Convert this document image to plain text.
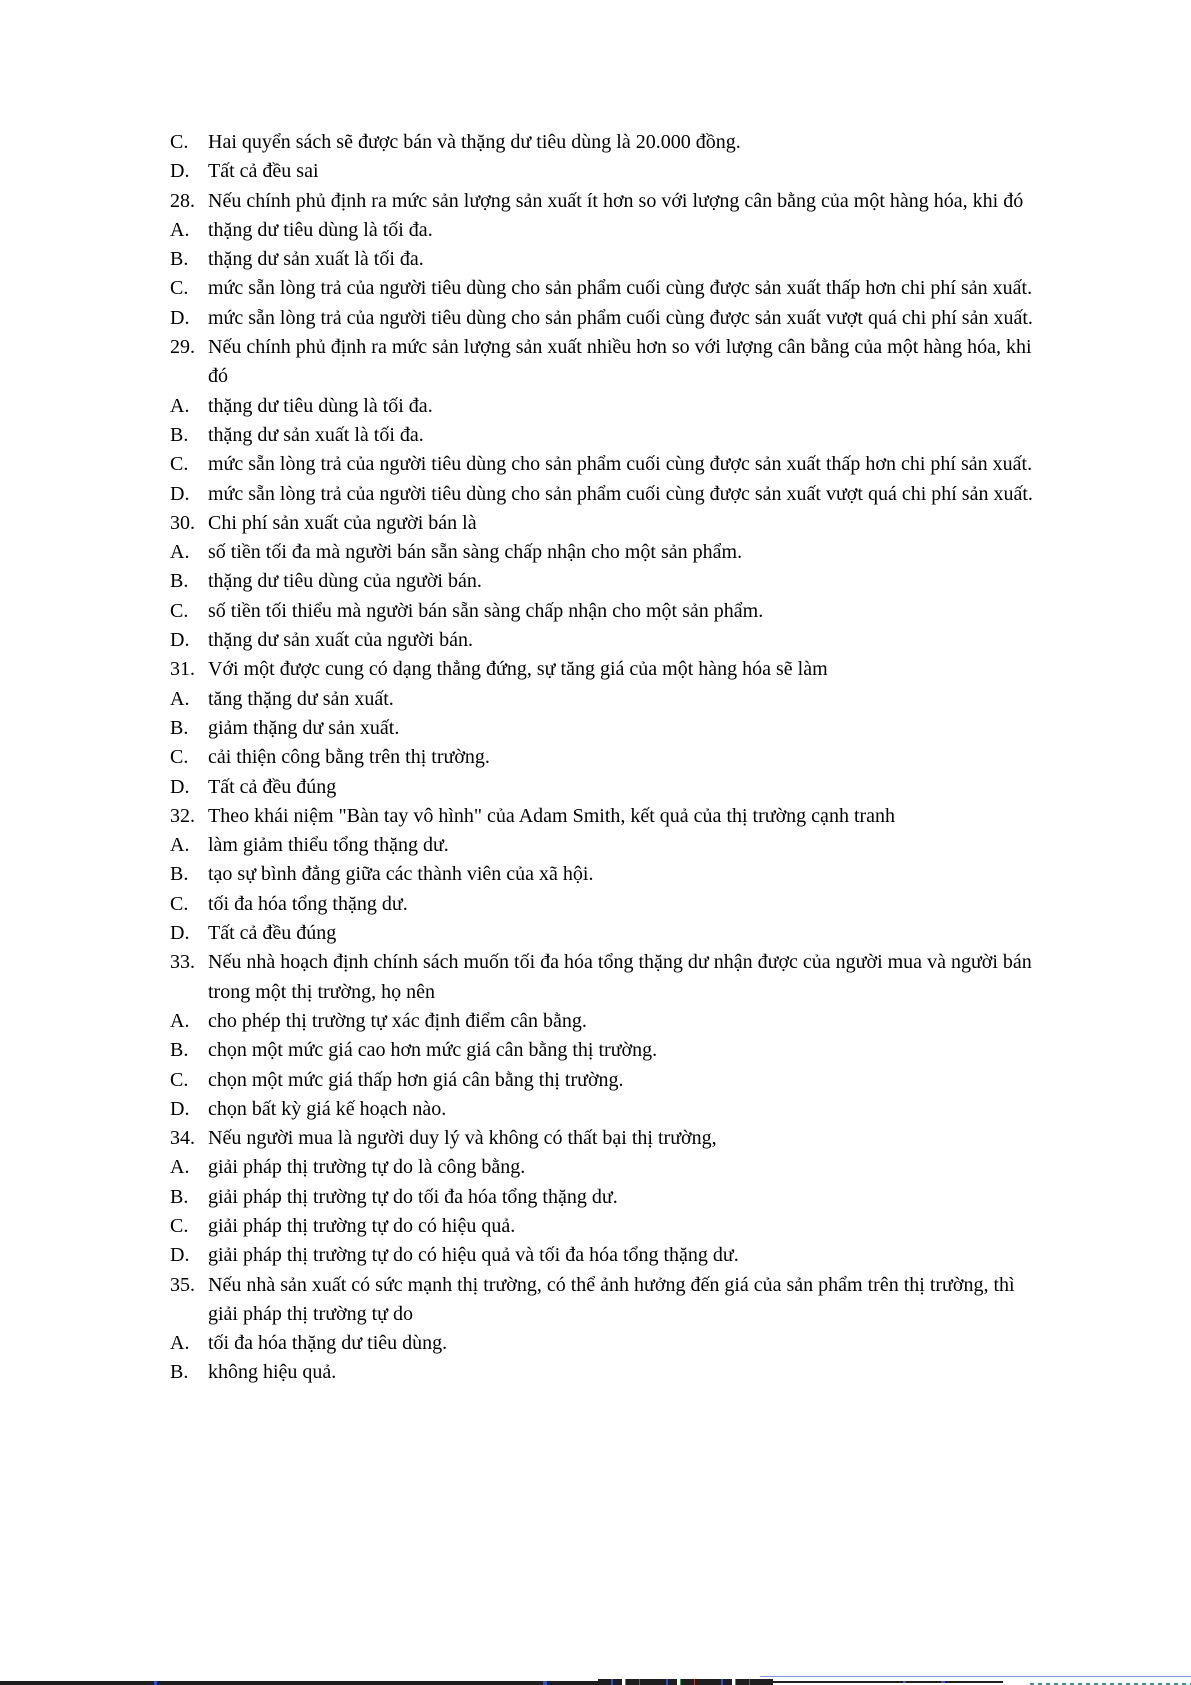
C. Hai quyển sách sẽ được bán và thặng dư tiêu dùng là 20.000 đồng.
D. Tất cả đều sai
28. Nếu chính phủ định ra mức sản lượng sản xuất ít hơn so với lượng cân bằng của một hàng hóa, khi đó
A. thặng dư tiêu dùng là tối đa.
B. thặng dư sản xuất là tối đa.
C. mức sẵn lòng trả của người tiêu dùng cho sản phẩm cuối cùng được sản xuất thấp hơn chi phí sản xuất.
D. mức sẵn lòng trả của người tiêu dùng cho sản phẩm cuối cùng được sản xuất vượt quá chi phí sản xuất.
29. Nếu chính phủ định ra mức sản lượng sản xuất nhiều hơn so với lượng cân bằng của một hàng hóa, khi đó
A. thặng dư tiêu dùng là tối đa.
B. thặng dư sản xuất là tối đa.
C. mức sẵn lòng trả của người tiêu dùng cho sản phẩm cuối cùng được sản xuất thấp hơn chi phí sản xuất.
D. mức sẵn lòng trả của người tiêu dùng cho sản phẩm cuối cùng được sản xuất vượt quá chi phí sản xuất.
30. Chi phí sản xuất của người bán là
A. số tiền tối đa mà người bán sẵn sàng chấp nhận cho một sản phẩm.
B. thặng dư tiêu dùng của người bán.
C. số tiền tối thiểu mà người bán sẵn sàng chấp nhận cho một sản phẩm.
D. thặng dư sản xuất của người bán.
31. Với một được cung có dạng thẳng đứng, sự tăng giá của một hàng hóa sẽ làm
A. tăng thặng dư sản xuất.
B. giảm thặng dư sản xuất.
C. cải thiện công bằng trên thị trường.
D. Tất cả đều đúng
32. Theo khái niệm "Bàn tay vô hình" của Adam Smith, kết quả của thị trường cạnh tranh
A. làm giảm thiểu tổng thặng dư.
B. tạo sự bình đẳng giữa các thành viên của xã hội.
C. tối đa hóa tổng thặng dư.
D. Tất cả đều đúng
33. Nếu nhà hoạch định chính sách muốn tối đa hóa tổng thặng dư nhận được của người mua và người bán trong một thị trường, họ nên
A. cho phép thị trường tự xác định điểm cân bằng.
B. chọn một mức giá cao hơn mức giá cân bằng thị trường.
C. chọn một mức giá thấp hơn giá cân bằng thị trường.
D. chọn bất kỳ giá kế hoạch nào.
34. Nếu người mua là người duy lý và không có thất bại thị trường,
A. giải pháp thị trường tự do là công bằng.
B. giải pháp thị trường tự do tối đa hóa tổng thặng dư.
C. giải pháp thị trường tự do có hiệu quả.
D. giải pháp thị trường tự do có hiệu quả và tối đa hóa tổng thặng dư.
35. Nếu nhà sản xuất có sức mạnh thị trường, có thể ảnh hưởng đến giá của sản phẩm trên thị trường, thì giải pháp thị trường tự do
A. tối đa hóa thặng dư tiêu dùng.
B. không hiệu quả.
